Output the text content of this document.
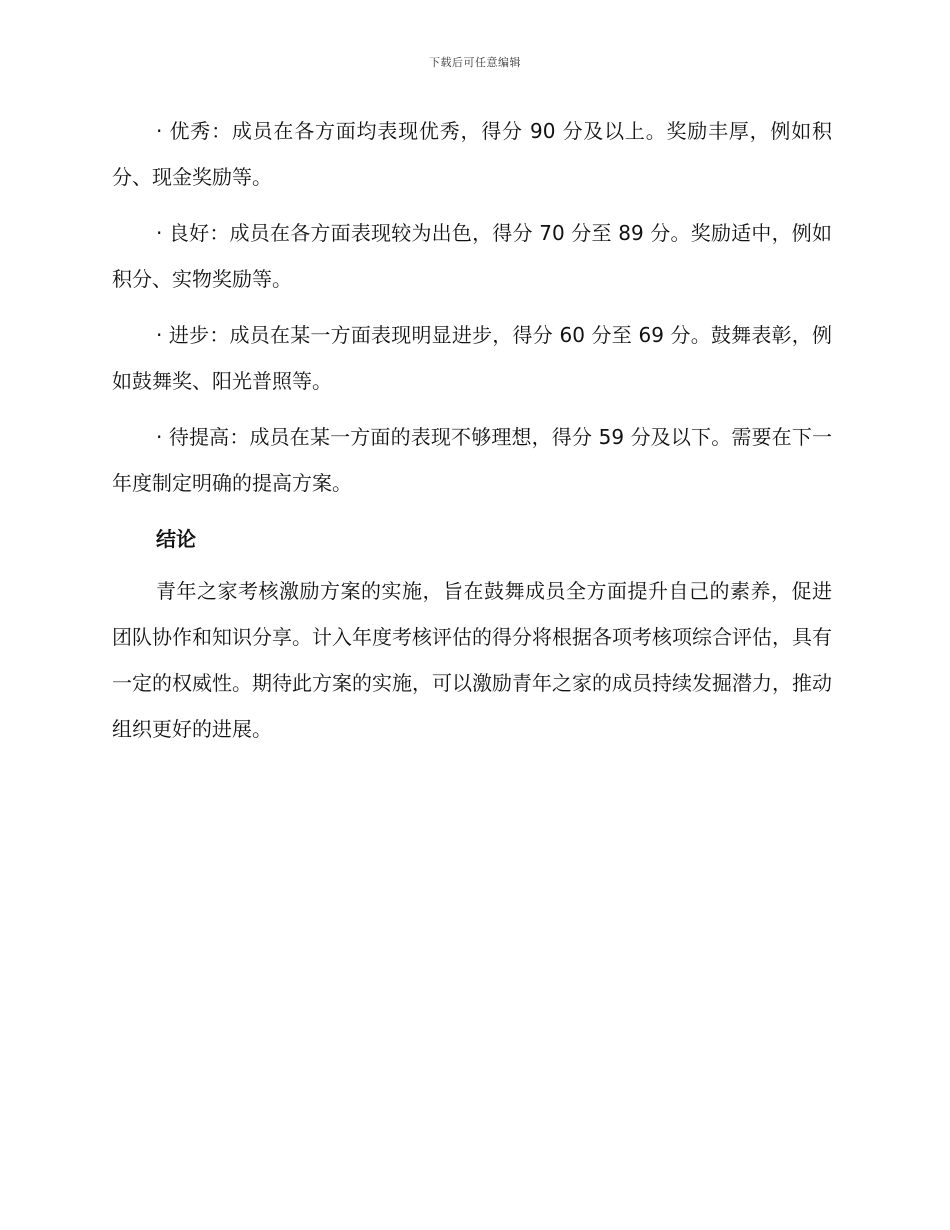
下载后可任意编辑

· 优秀：成员在各方面均表现优秀，得分 90 分及以上。奖励丰厚，例如积分、现金奖励等。

· 良好：成员在各方面表现较为出色，得分 70 分至 89 分。奖励适中，例如积分、实物奖励等。

· 进步：成员在某一方面表现明显进步，得分 60 分至 69 分。鼓舞表彰，例如鼓舞奖、阳光普照等。

· 待提高：成员在某一方面的表现不够理想，得分 59 分及以下。需要在下一年度制定明确的提高方案。

结论

青年之家考核激励方案的实施，旨在鼓舞成员全方面提升自己的素养，促进团队协作和知识分享。计入年度考核评估的得分将根据各项考核项综合评估，具有一定的权威性。期待此方案的实施，可以激励青年之家的成员持续发掘潜力，推动组织更好的进展。
